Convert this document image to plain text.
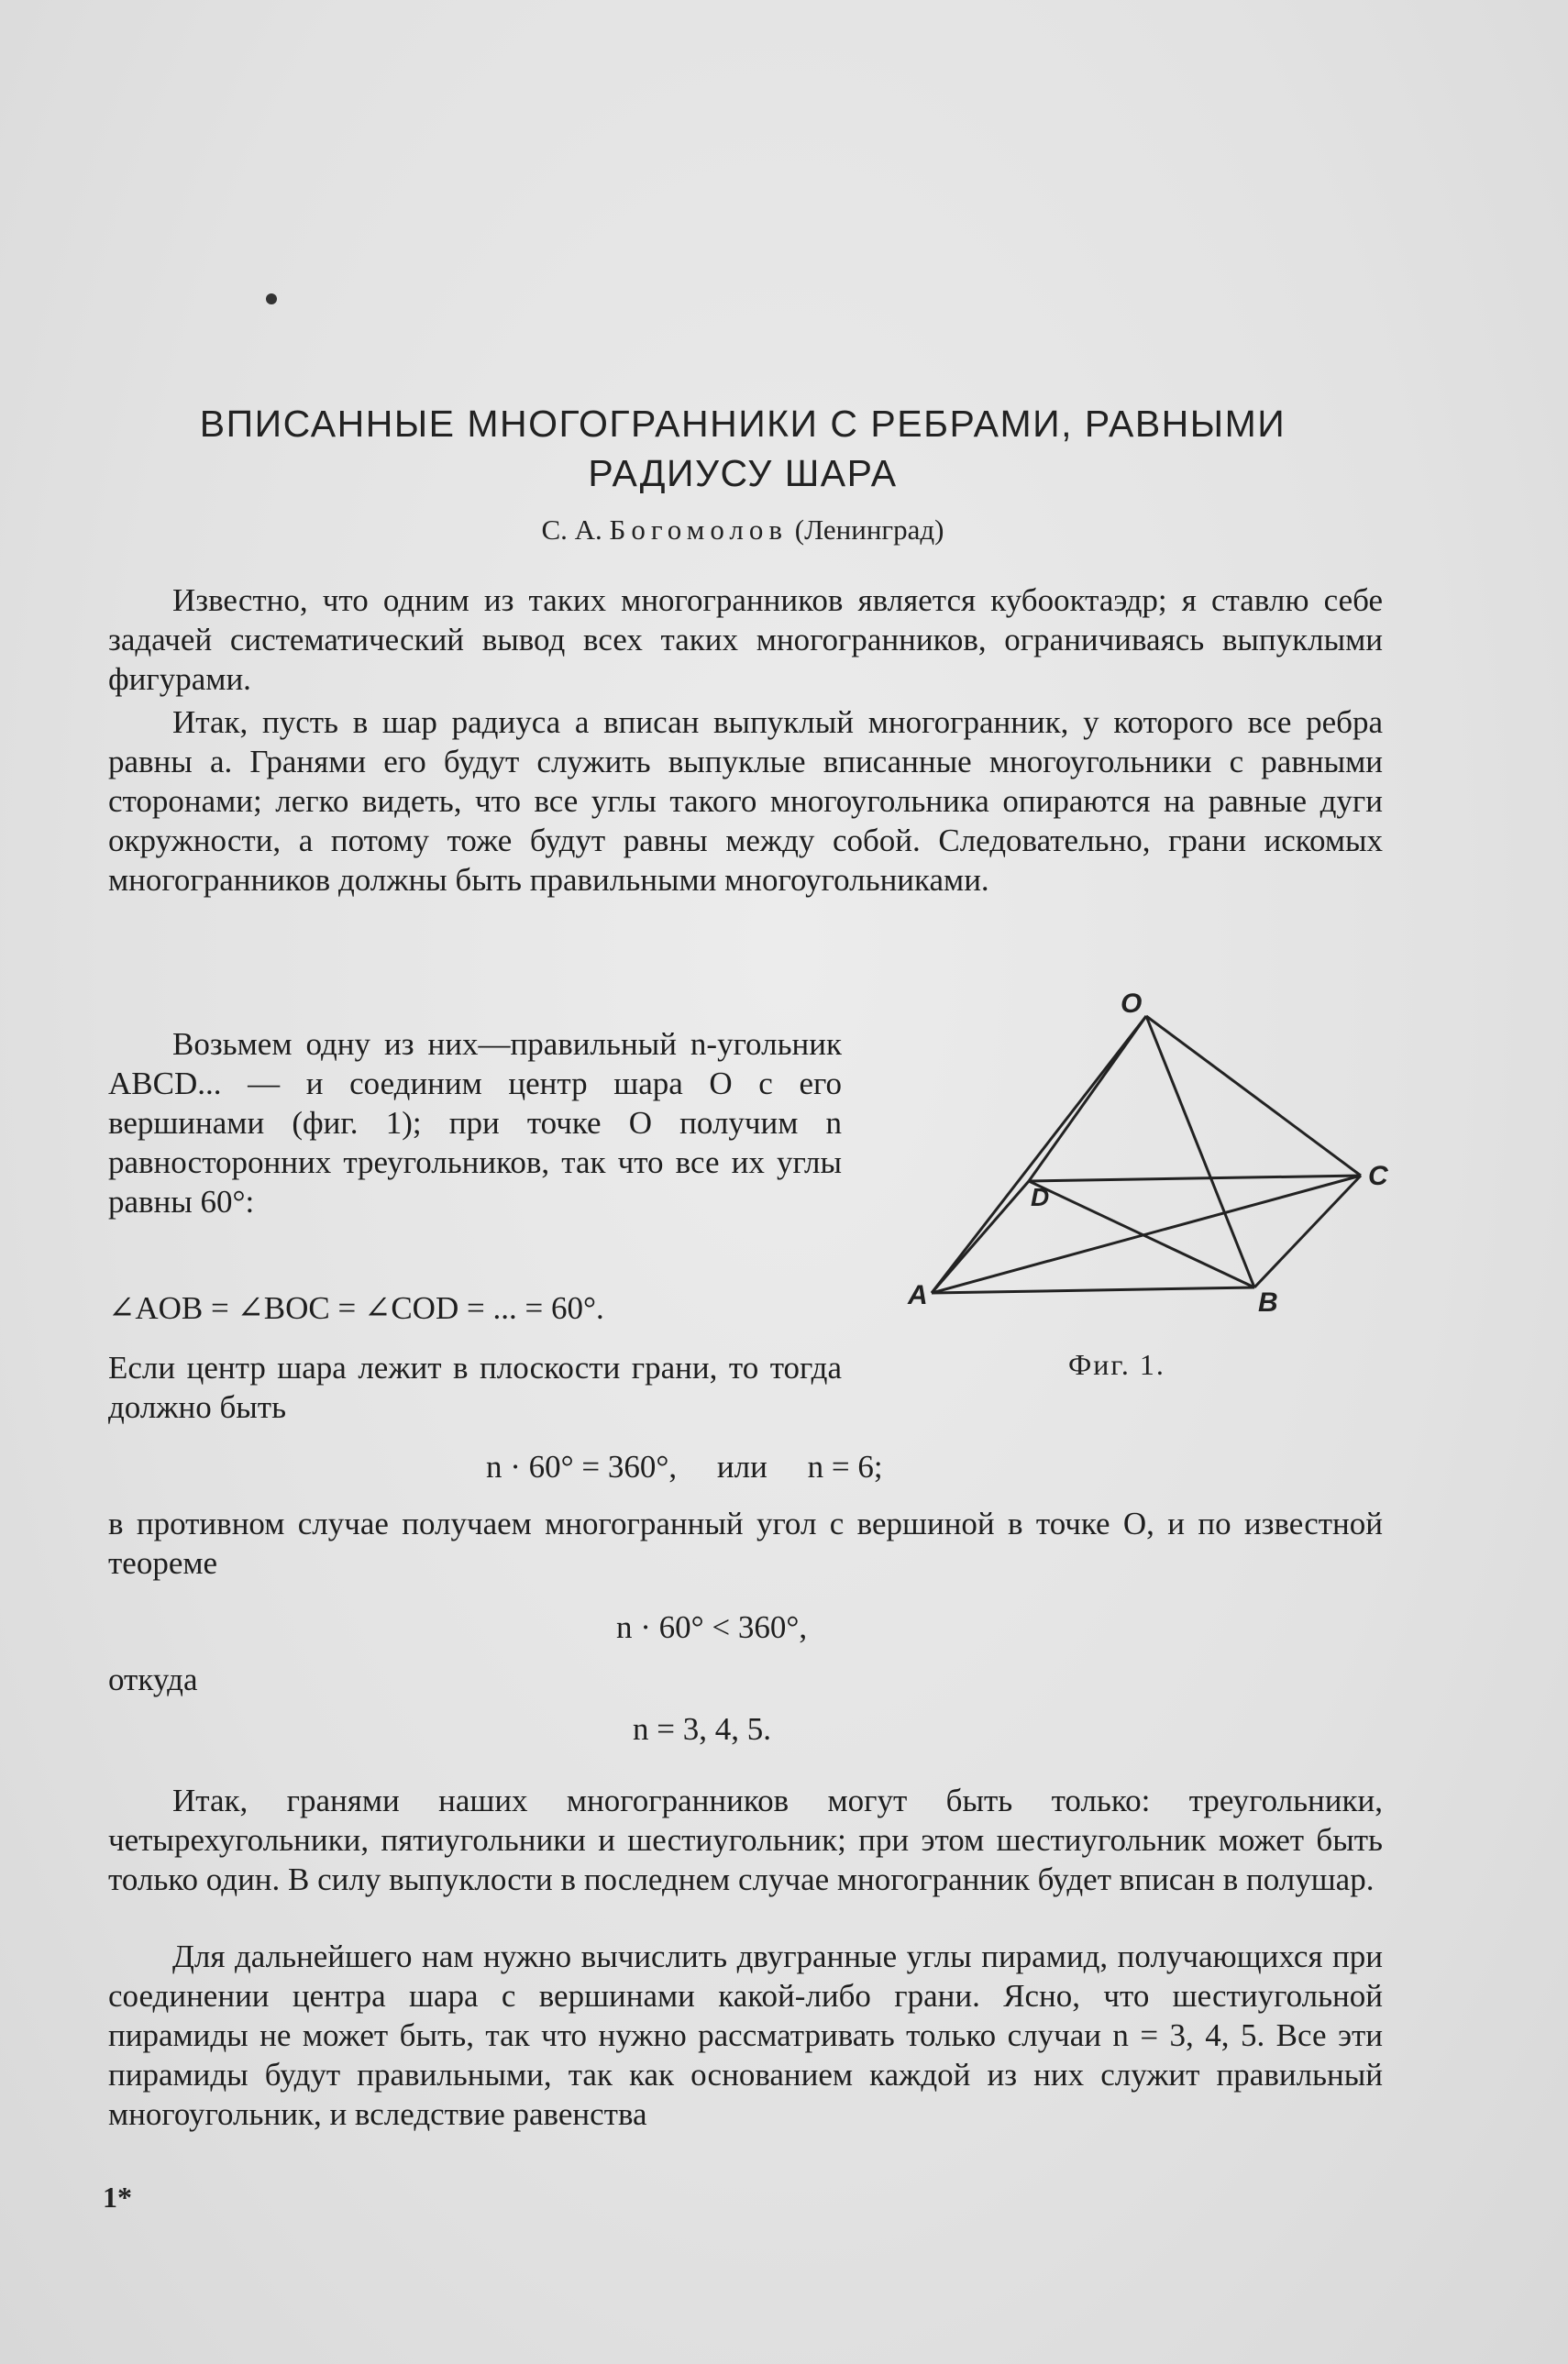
ВПИСАННЫЕ МНОГОГРАННИКИ С РЕБРАМИ, РАВНЫМИ
РАДИУСУ ШАРА
С. А. Богомолов (Ленинград)

Известно, что одним из таких многогранников является кубооктаэдр; я ставлю себе задачей систематический вывод всех таких многогранников, ограничиваясь выпуклыми фигурами.

Итак, пусть в шар радиуса a вписан выпуклый многогранник, у которого все ребра равны a. Гранями его будут служить выпуклые вписанные многоугольники с равными сторонами; легко видеть, что все углы такого многоугольника опираются на равные дуги окружности, а потому тоже будут равны между собой. Следовательно, грани искомых многогранников должны быть правильными многоугольниками.

Возьмем одну из них—правильный n-угольник ABCD... — и соединим центр шара O с его вершинами (фиг. 1); при точке O получим n равносторонних треугольников, так что все их углы равны 60°:

∠AOB = ∠BOC = ∠COD = ... = 60°.

Если центр шара лежит в плоскости грани, то тогда должно быть

n · 60° = 360°, или n = 6;

в противном случае получаем многогранный угол с вершиной в точке O, и по известной теореме

n · 60° < 360°,
откуда
n = 3, 4, 5.

Итак, гранями наших многогранников могут быть только: треугольники, четырехугольники, пятиугольники и шестиугольник; при этом шестиугольник может быть только один. В силу выпуклости в последнем случае многогранник будет вписан в полушар.

Для дальнейшего нам нужно вычислить двугранные углы пирамид, получающихся при соединении центра шара с вершинами какой-либо грани. Ясно, что шестиугольной пирамиды не может быть, так что нужно рассматривать только случаи n = 3, 4, 5. Все эти пирамиды будут правильными, так как основанием каждой из них служит правильный многоугольник, и вследствие равенства

O
A	B
C
D
Фиг. 1.
1*
